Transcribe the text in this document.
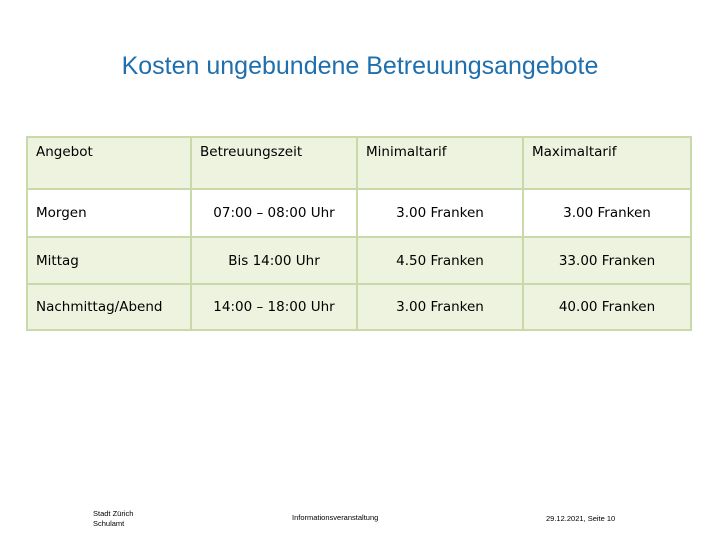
Kosten ungebundene Betreuungsangebote
Angebot	Betreuungszeit	Minimaltarif	Maximaltarif
Morgen	07:00 – 08:00 Uhr	3.00 Franken	3.00 Franken
Mittag	Bis 14:00 Uhr	4.50 Franken	33.00 Franken
Nachmittag/Abend	14:00 – 18:00 Uhr	3.00 Franken	40.00 Franken
Stadt Zürich
Schulamt
Informationsveranstaltung	29.12.2021, Seite 10
